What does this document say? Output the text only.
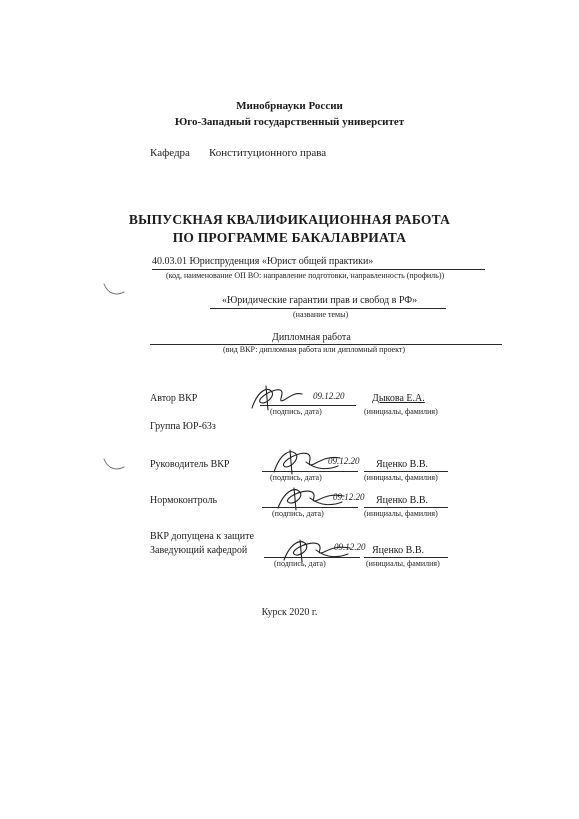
Минобрнауки России
Юго-Западный государственный университет
Кафедра Конституционного права
ВЫПУСКНАЯ КВАЛИФИКАЦИОННАЯ РАБОТА
ПО ПРОГРАММЕ БАКАЛАВРИАТА
40.03.01 Юриспруденция «Юрист общей практики»
(код, наименование ОП ВО: направление подготовки, направленность (профиль))
«Юридические гарантии прав и свобод в РФ»
(название темы)
Дипломная работа
(вид ВКР: дипломная работа или дипломный проект)
Автор ВКР	09.12.20	Дыкова Е.А.
(подпись, дата)	(инициалы, фамилия)
Группа ЮР-63з
Руководитель ВКР	09.12.20 Яценко В.В.
(подпись, дата)	(инициалы, фамилия)
Нормоконтроль	09.12.20 Яценко В.В.
(подпись, дата)	(инициалы, фамилия)
ВКР допущена к защите
Заведующий кафедрой	09.12.20 Яценко В.В.
(подпись, дата)	(инициалы, фамилия)
Курск 2020 г.
